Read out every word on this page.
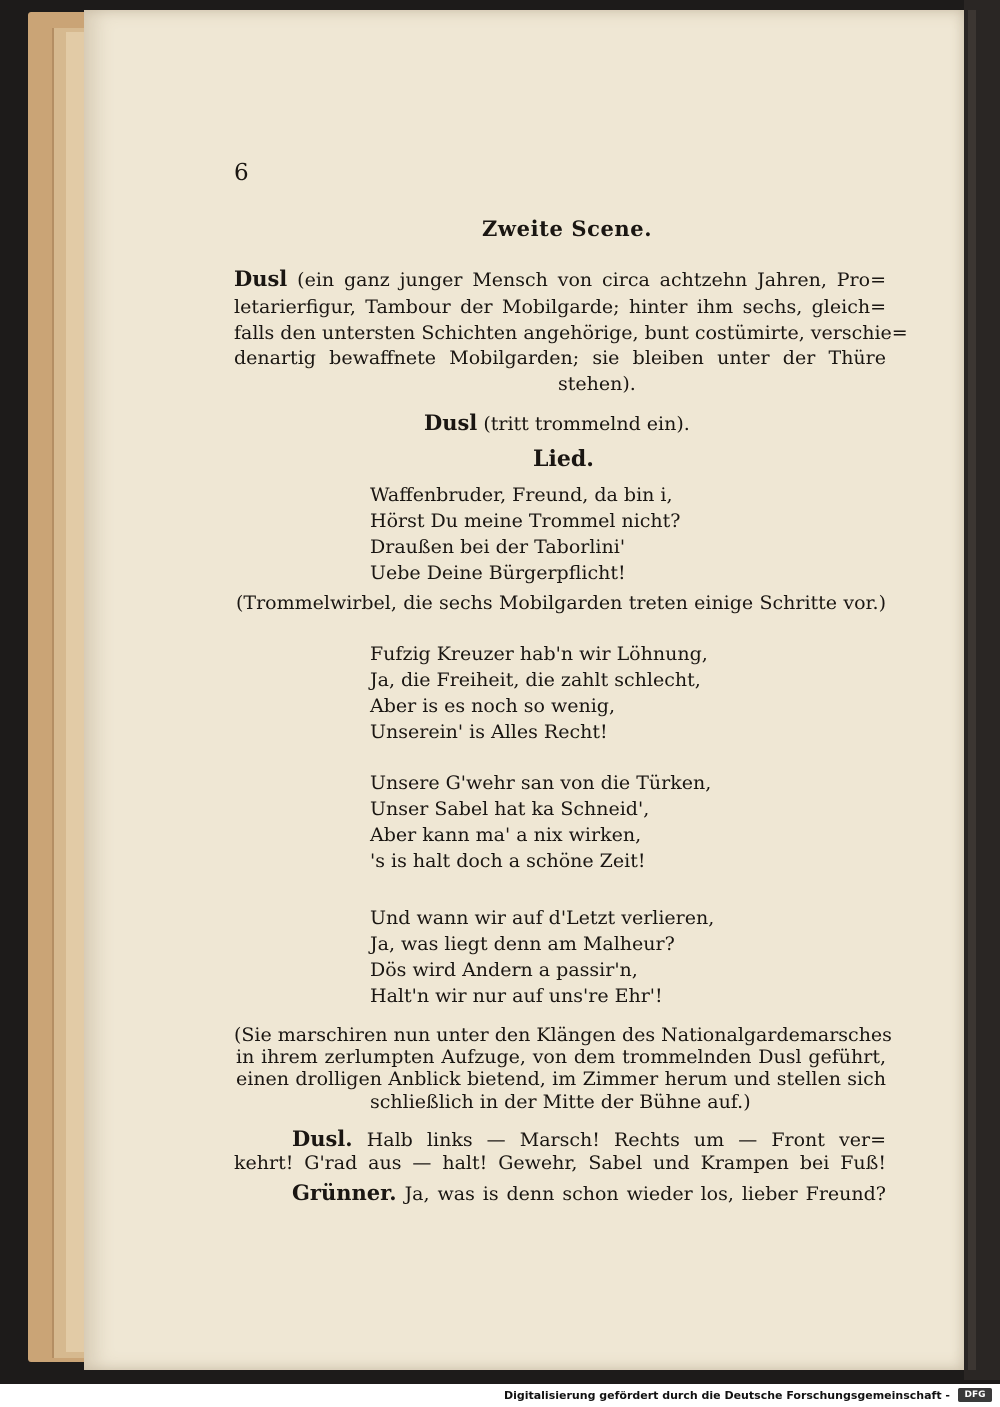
6
Zweite Scene.
Dusl (ein ganz junger Mensch von circa achtzehn Jahren, Pro=
letarierfigur, Tambour der Mobilgarde; hinter ihm sechs, gleich=
falls den untersten Schichten angehörige, bunt costümirte, verschie=
denartig bewaffnete Mobilgarden; sie bleiben unter der Thüre
stehen).
Dusl (tritt trommelnd ein).
Lied.
Waffenbruder, Freund, da bin i,
Hörst Du meine Trommel nicht?
Draußen bei der Taborlini'
Uebe Deine Bürgerpflicht!
(Trommelwirbel, die sechs Mobilgarden treten einige Schritte vor.)
Fufzig Kreuzer hab'n wir Löhnung,
Ja, die Freiheit, die zahlt schlecht,
Aber is es noch so wenig,
Unserein' is Alles Recht!
Unsere G'wehr san von die Türken,
Unser Sabel hat ka Schneid',
Aber kann ma' a nix wirken,
's is halt doch a schöne Zeit!
Und wann wir auf d'Letzt verlieren,
Ja, was liegt denn am Malheur?
Dös wird Andern a passir'n,
Halt'n wir nur auf uns're Ehr'!
(Sie marschiren nun unter den Klängen des Nationalgardemarsches
in ihrem zerlumpten Aufzuge, von dem trommelnden Dusl geführt,
einen drolligen Anblick bietend, im Zimmer herum und stellen sich
schließlich in der Mitte der Bühne auf.)
Dusl. Halb links — Marsch! Rechts um — Front ver=
kehrt! G'rad aus — halt! Gewehr, Sabel und Krampen bei Fuß!
Grünner. Ja, was is denn schon wieder los, lieber Freund?
Digitalisierung gefördert durch die Deutsche Forschungsgemeinschaft -	DFG
